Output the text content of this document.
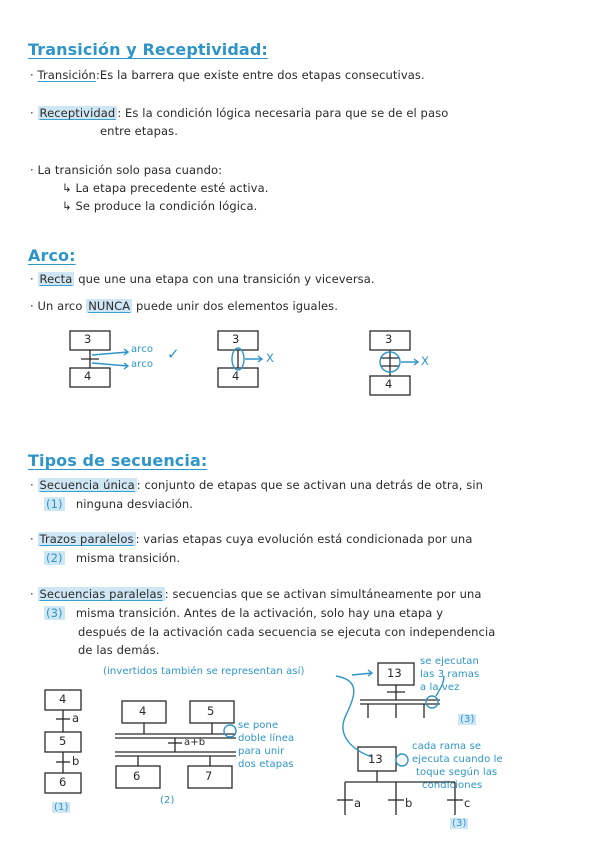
Transición y Receptividad:
· Transición:Es la barrera que existe entre dos etapas consecutivas.
· Receptividad : Es la condición lógica necesaria para que se de el paso
entre etapas.
· La transición solo pasa cuando:
↳ La etapa precedente esté activa.
↳ Se produce la condición lógica.
Arco:
· Recta que une una etapa con una transición y viceversa.
· Un arco NUNCA puede unir dos elementos iguales.
3
4
arco
arco
✓
3
4
X
3
4
X
Tipos de secuencia:
· Secuencia única : conjunto de etapas que se activan una detrás de otra, sin
(1) ninguna desviación.
· Trazos paralelos : varias etapas cuya evolución está condicionada por una
(2) misma transición.
· Secuencias paralelas : secuencias que se activan simultáneamente por una
(3) misma transición. Antes de la activación, solo hay una etapa y
después de la activación cada secuencia se ejecuta con independencia
de las demás.
(invertidos también se representan así)
4
a
5
b
6
(1)
4	5
a+b
6	7
(2)
se pone
doble línea
para unir
dos etapas
13
se ejecutan
las 3 ramas
a la vez
(3)
13
cada rama se
ejecuta cuando le
toque según las
condiciones
a	b	c
(3)
